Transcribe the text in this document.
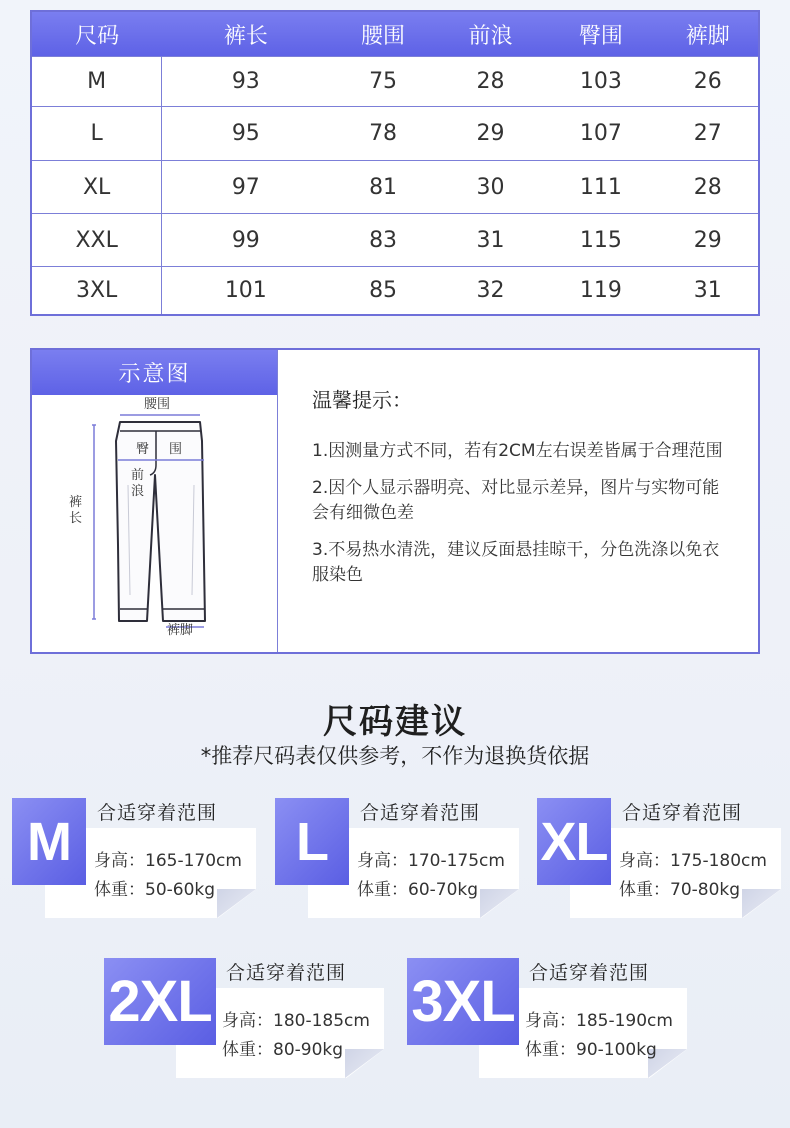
尺码	裤长	腰围	前浪	臀围	裤脚
M	93	75	28	103	26
L	95	78	29	107	27
XL	97	81	30	111	28
XXL	99	83	31	115	29
3XL	101	85	32	119	31
示意图
腰围
臀 围
前
浪
裤
长
裤脚
温馨提示：
1.因测量方式不同，若有2CM左右误差皆属于合理范围
2.因个人显示器明亮、对比显示差异，图片与实物可能会有细微色差
3.不易热水清洗，建议反面悬挂晾干，分色洗涤以免衣服染色
尺码建议
*推荐尺码表仅供参考，不作为退换货依据
M	合适穿着范围
身高：165-170cm
体重：50-60kg
L	合适穿着范围
身高：170-175cm
体重：60-70kg
XL 合适穿着范围
身高：175-180cm
体重：70-80kg
2XL 合适穿着范围
身高：180-185cm
体重：80-90kg
3XL 合适穿着范围
身高：185-190cm
体重：90-100kg
